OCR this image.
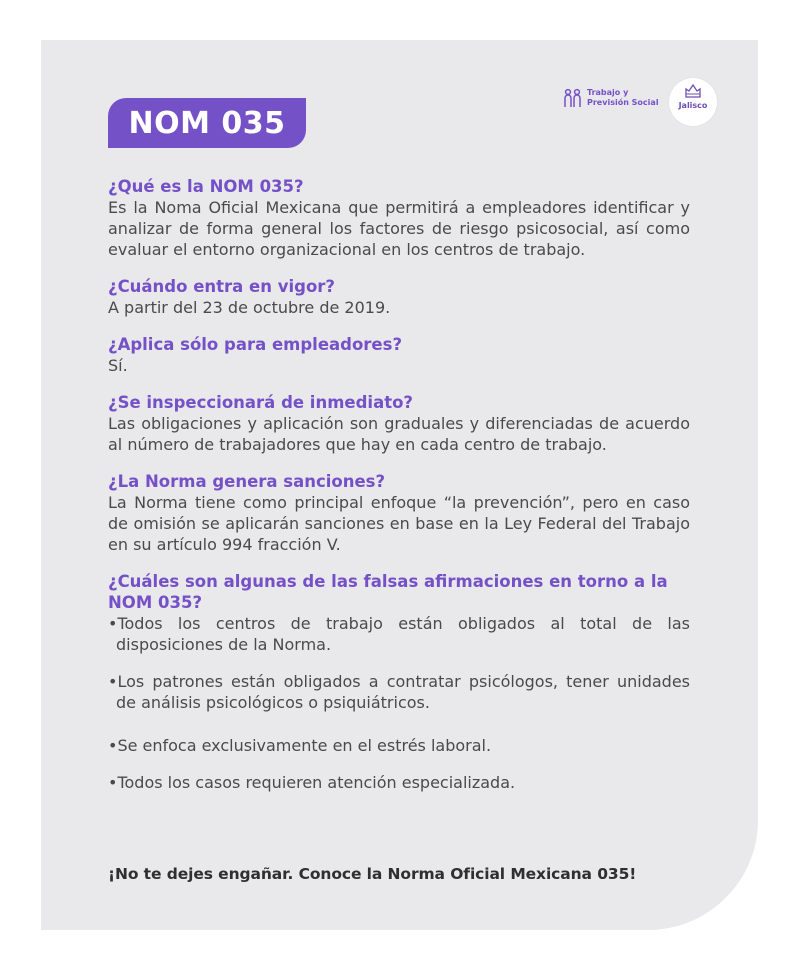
NOM 035
Trabajo y
Previsión Social	Jalisco

¿Qué es la NOM 035?

Es la Noma Oficial Mexicana que permitirá a empleadores identificar y analizar de forma general los factores de riesgo psicosocial, así como evaluar el entorno organizacional en los centros de trabajo.

¿Cuándo entra en vigor?

A partir del 23 de octubre de 2019.

¿Aplica sólo para empleadores?

Sí.

¿Se inspeccionará de inmediato?

Las obligaciones y aplicación son graduales y diferenciadas de acuerdo al número de trabajadores que hay en cada centro de trabajo.

¿La Norma genera sanciones?

La Norma tiene como principal enfoque “la prevención”, pero en caso de omisión se aplicarán sanciones en base en la Ley Federal del Trabajo en su artículo 994 fracción V.

¿Cuáles son algunas de las falsas afirmaciones en torno a la NOM 035?

•Todos los centros de trabajo están obligados al total de las disposiciones de la Norma.
•Los patrones están obligados a contratar psicólogos, tener unidades de análisis psicológicos o psiquiátricos.
•Se enfoca exclusivamente en el estrés laboral.
•Todos los casos requieren atención especializada.
¡No te dejes engañar. Conoce la Norma Oficial Mexicana 035!
